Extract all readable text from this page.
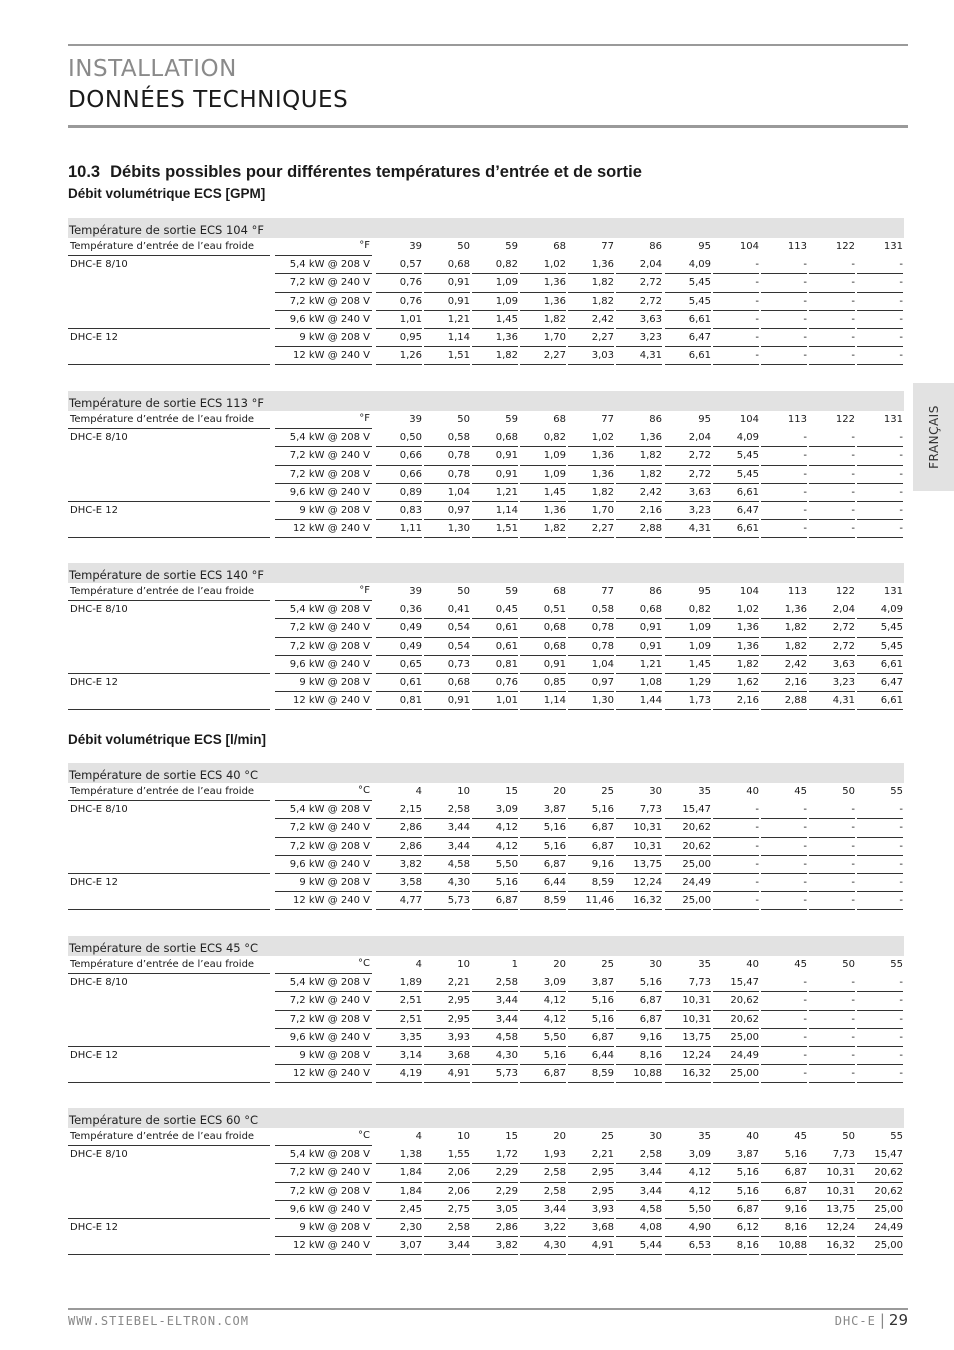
INSTALLATION
DONNÉES TECHNIQUES
10.3 Débits possibles pour différentes températures d’entrée et de sortie
Débit volumétrique ECS [GPM]
Débit volumétrique ECS [l/min]
FRANÇAIS
Température de sortie ECS 104 °F
Température d’entrée de l’eau froide	°F	39	50	59	68	77	86	95	104	113	122	131
DHC-E 8/10	5,4 kW @ 208 V	0,57	0,68	0,82	1,02	1,36	2,04	4,09	-	-	-	-
7,2 kW @ 240 V	0,76	0,91	1,09	1,36	1,82	2,72	5,45	-	-	-	-
7,2 kW @ 208 V	0,76	0,91	1,09	1,36	1,82	2,72	5,45	-	-	-	-
9,6 kW @ 240 V	1,01	1,21	1,45	1,82	2,42	3,63	6,61	-	-	-	-
DHC-E 12	9 kW @ 208 V	0,95	1,14	1,36	1,70	2,27	3,23	6,47	-	-	-	-
12 kW @ 240 V	1,26	1,51	1,82	2,27	3,03	4,31	6,61	-	-	-	-
Température de sortie ECS 113 °F
Température d’entrée de l’eau froide	°F	39	50	59	68	77	86	95	104	113	122	131
DHC-E 8/10	5,4 kW @ 208 V	0,50	0,58	0,68	0,82	1,02	1,36	2,04	4,09	-	-	-
7,2 kW @ 240 V	0,66	0,78	0,91	1,09	1,36	1,82	2,72	5,45	-	-	-
7,2 kW @ 208 V	0,66	0,78	0,91	1,09	1,36	1,82	2,72	5,45	-	-	-
9,6 kW @ 240 V	0,89	1,04	1,21	1,45	1,82	2,42	3,63	6,61	-	-	-
DHC-E 12	9 kW @ 208 V	0,83	0,97	1,14	1,36	1,70	2,16	3,23	6,47	-	-	-
12 kW @ 240 V	1,11	1,30	1,51	1,82	2,27	2,88	4,31	6,61	-	-	-
Température de sortie ECS 140 °F
Température d’entrée de l’eau froide	°F	39	50	59	68	77	86	95	104	113	122	131
DHC-E 8/10	5,4 kW @ 208 V	0,36	0,41	0,45	0,51	0,58	0,68	0,82	1,02	1,36	2,04	4,09
7,2 kW @ 240 V	0,49	0,54	0,61	0,68	0,78	0,91	1,09	1,36	1,82	2,72	5,45
7,2 kW @ 208 V	0,49	0,54	0,61	0,68	0,78	0,91	1,09	1,36	1,82	2,72	5,45
9,6 kW @ 240 V	0,65	0,73	0,81	0,91	1,04	1,21	1,45	1,82	2,42	3,63	6,61
DHC-E 12	9 kW @ 208 V	0,61	0,68	0,76	0,85	0,97	1,08	1,29	1,62	2,16	3,23	6,47
12 kW @ 240 V	0,81	0,91	1,01	1,14	1,30	1,44	1,73	2,16	2,88	4,31	6,61
Température de sortie ECS 40 °C
Température d’entrée de l’eau froide	°C	4	10	15	20	25	30	35	40	45	50	55
DHC-E 8/10	5,4 kW @ 208 V	2,15	2,58	3,09	3,87	5,16	7,73	15,47	-	-	-	-
7,2 kW @ 240 V	2,86	3,44	4,12	5,16	6,87	10,31	20,62	-	-	-	-
7,2 kW @ 208 V	2,86	3,44	4,12	5,16	6,87	10,31	20,62	-	-	-	-
9,6 kW @ 240 V	3,82	4,58	5,50	6,87	9,16	13,75	25,00	-	-	-	-
DHC-E 12	9 kW @ 208 V	3,58	4,30	5,16	6,44	8,59	12,24	24,49	-	-	-	-
12 kW @ 240 V	4,77	5,73	6,87	8,59	11,46	16,32	25,00	-	-	-	-
Température de sortie ECS 45 °C
Température d’entrée de l’eau froide	°C	4	10	1	20	25	30	35	40	45	50	55
DHC-E 8/10	5,4 kW @ 208 V	1,89	2,21	2,58	3,09	3,87	5,16	7,73	15,47	-	-	-
7,2 kW @ 240 V	2,51	2,95	3,44	4,12	5,16	6,87	10,31	20,62	-	-	-
7,2 kW @ 208 V	2,51	2,95	3,44	4,12	5,16	6,87	10,31	20,62	-	-	-
9,6 kW @ 240 V	3,35	3,93	4,58	5,50	6,87	9,16	13,75	25,00	-	-	-
DHC-E 12	9 kW @ 208 V	3,14	3,68	4,30	5,16	6,44	8,16	12,24	24,49	-	-	-
12 kW @ 240 V	4,19	4,91	5,73	6,87	8,59	10,88	16,32	25,00	-	-	-
Température de sortie ECS 60 °C
Température d’entrée de l’eau froide	°C	4	10	15	20	25	30	35	40	45	50	55
DHC-E 8/10	5,4 kW @ 208 V	1,38	1,55	1,72	1,93	2,21	2,58	3,09	3,87	5,16	7,73	15,47
7,2 kW @ 240 V	1,84	2,06	2,29	2,58	2,95	3,44	4,12	5,16	6,87	10,31	20,62
7,2 kW @ 208 V	1,84	2,06	2,29	2,58	2,95	3,44	4,12	5,16	6,87	10,31	20,62
9,6 kW @ 240 V	2,45	2,75	3,05	3,44	3,93	4,58	5,50	6,87	9,16	13,75	25,00
DHC-E 12	9 kW @ 208 V	2,30	2,58	2,86	3,22	3,68	4,08	4,90	6,12	8,16	12,24	24,49
12 kW @ 240 V	3,07	3,44	3,82	4,30	4,91	5,44	6,53	8,16	10,88	16,32	25,00
WWW.STIEBEL-ELTRON.COM	DHC-E | 29
